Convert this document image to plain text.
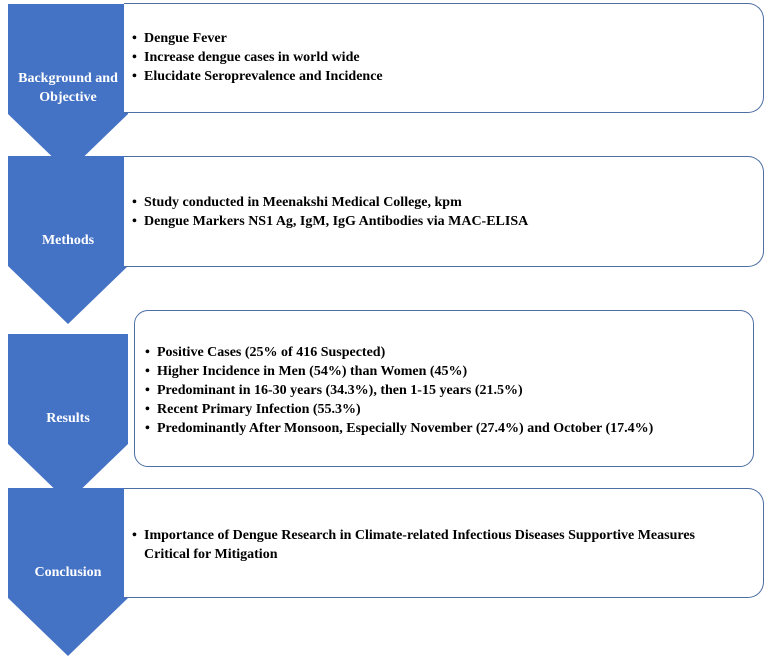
Background and
Objective
• Dengue Fever
• Increase dengue cases in world wide
• Elucidate Seroprevalence and Incidence
Methods
• Study conducted in Meenakshi Medical College, kpm
• Dengue Markers NS1 Ag, IgM, IgG Antibodies via MAC-ELISA
Results
• Positive Cases (25% of 416 Suspected)
• Higher Incidence in Men (54%) than Women (45%)
• Predominant in 16-30 years (34.3%), then 1-15 years (21.5%)
• Recent Primary Infection (55.3%)
• Predominantly After Monsoon, Especially November (27.4%) and October (17.4%)
Conclusion
• Importance of Dengue Research in Climate-related Infectious Diseases Supportive Measures Critical for Mitigation
